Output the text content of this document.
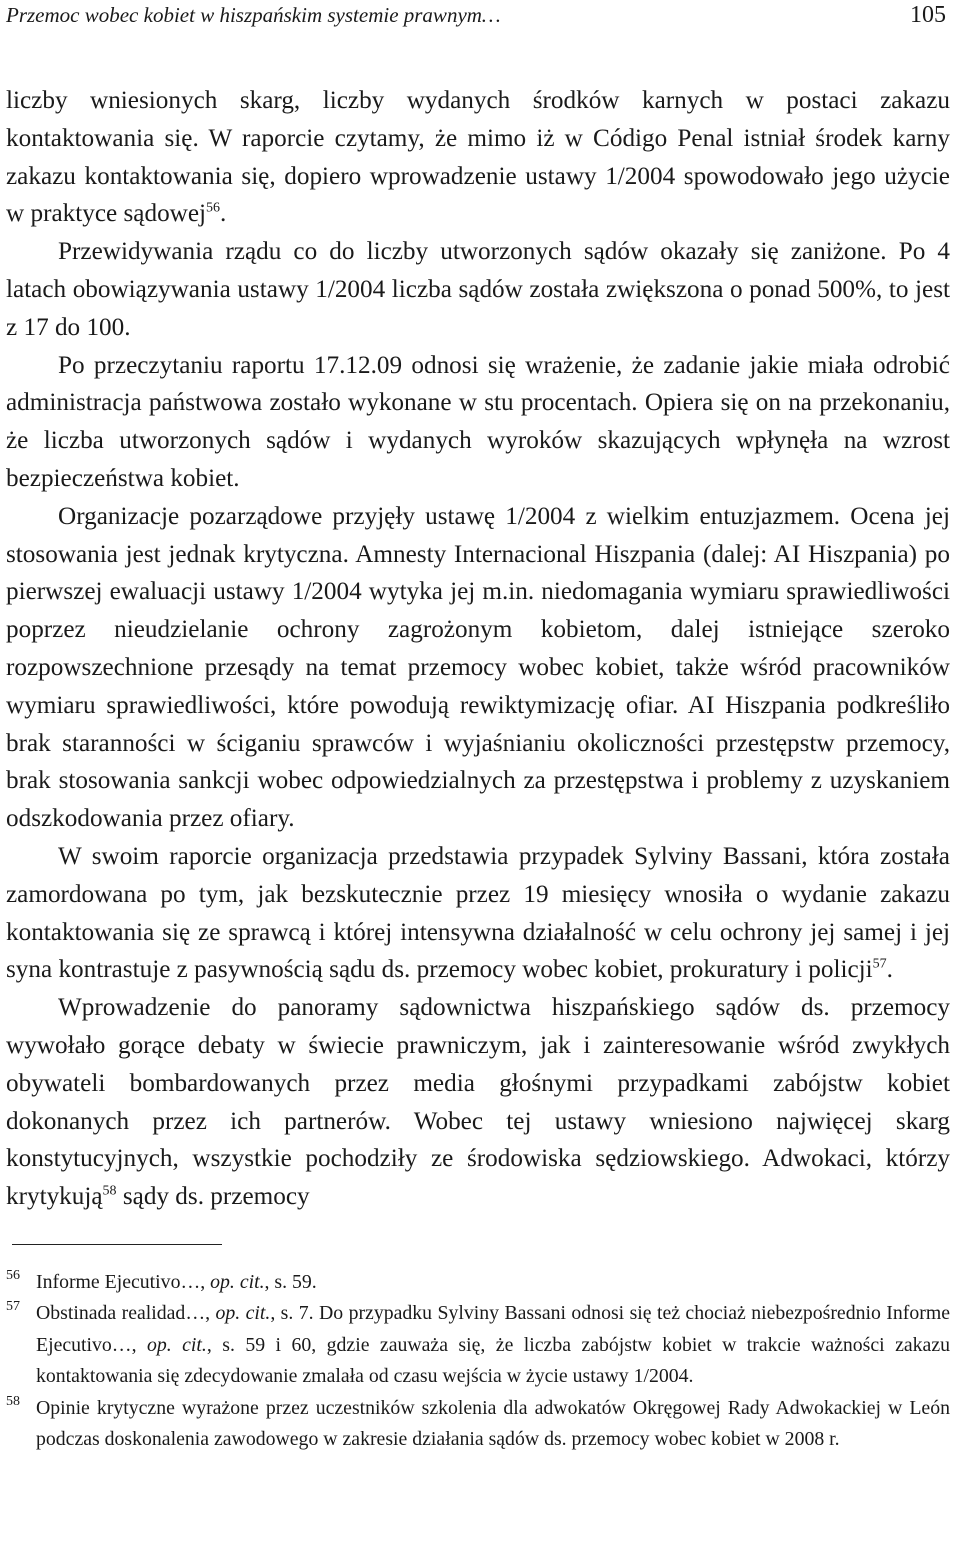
Przemoc wobec kobiet w hiszpańskim systemie prawnym…	105

liczby wniesionych skarg, liczby wydanych środków karnych w postaci zakazu kontaktowania się. W raporcie czytamy, że mimo iż w Código Penal istniał środek karny zakazu kontaktowania się, dopiero wprowadzenie ustawy 1/2004 spowodowało jego użycie w praktyce sądowej$^{56}$.

Przewidywania rządu co do liczby utworzonych sądów okazały się zaniżone. Po 4 latach obowiązywania ustawy 1/2004 liczba sądów została zwiększona o ponad 500%, to jest z 17 do 100.

Po przeczytaniu raportu 17.12.09 odnosi się wrażenie, że zadanie jakie miała odrobić administracja państwowa zostało wykonane w stu procentach. Opiera się on na przekonaniu, że liczba utworzonych sądów i wydanych wyroków skazujących wpłynęła na wzrost bezpieczeństwa kobiet.

Organizacje pozarządowe przyjęły ustawę 1/2004 z wielkim entuzjazmem. Ocena jej stosowania jest jednak krytyczna. Amnesty Internacional Hiszpania (dalej: AI Hiszpania) po pierwszej ewaluacji ustawy 1/2004 wytyka jej m.in. niedomagania wymiaru sprawiedliwości poprzez nieudzielanie ochrony zagrożonym kobietom, dalej istniejące szeroko rozpowszechnione przesądy na temat przemocy wobec kobiet, także wśród pracowników wymiaru sprawiedliwości, które powodują rewiktymizację ofiar. AI Hiszpania podkreśliło brak staranności w ściganiu sprawców i wyjaśnianiu okoliczności przestępstw przemocy, brak stosowania sankcji wobec odpowiedzialnych za przestępstwa i problemy z uzyskaniem odszkodowania przez ofiary.

W swoim raporcie organizacja przedstawia przypadek Sylviny Bassani, która została zamordowana po tym, jak bezskutecznie przez 19 miesięcy wnosiła o wydanie zakazu kontaktowania się ze sprawcą i której intensywna działalność w celu ochrony jej samej i jej syna kontrastuje z pasywnością sądu ds. przemocy wobec kobiet, prokuratury i policji$^{57}$.

Wprowadzenie do panoramy sądownictwa hiszpańskiego sądów ds. przemocy wywołało gorące debaty w świecie prawniczym, jak i zainteresowanie wśród zwykłych obywateli bombardowanych przez media głośnymi przypadkami zabójstw kobiet dokonanych przez ich partnerów. Wobec tej ustawy wniesiono najwięcej skarg konstytucyjnych, wszystkie pochodziły ze środowiska sędziowskiego. Adwokaci, którzy krytykują$^{58}$ sądy ds. przemocy

56 Informe Ejecutivo…, op. cit., s. 59.
57 Obstinada realidad…, op. cit., s. 7. Do przypadku Sylviny Bassani odnosi się też chociaż niebezpośrednio Informe Ejecutivo…, op. cit., s. 59 i 60, gdzie zauważa się, że liczba zabójstw kobiet w trakcie ważności zakazu kontaktowania się zdecydowanie zmalała od czasu wejścia w życie ustawy 1/2004.
58 Opinie krytyczne wyrażone przez uczestników szkolenia dla adwokatów Okręgowej Rady Adwokackiej w León podczas doskonalenia zawodowego w zakresie działania sądów ds. przemocy wobec kobiet w 2008 r.
